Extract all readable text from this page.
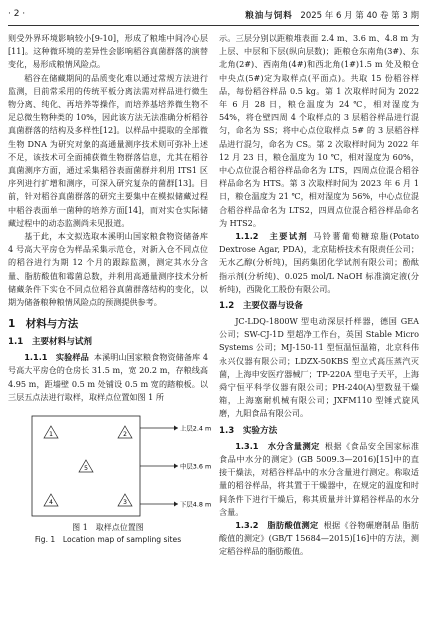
· 2 ·	粮油与饲料 2025 年 6 月 第 40 卷 第 3 期

则受外界环境影响较小[9-10]，形成了粮堆中间冷心层[11]。这种微环境的差异性会影响稻谷真菌群落的演替变化，易形成粮情风险点。

稻谷在储藏期间的品质变化难以通过常规方法进行监测，目前常采用的传统平板分离法需对样品进行微生物分离、纯化、再培养等操作，而培养基培养微生物不足总微生物种类的 10%，因此该方法无法准确分析稻谷真菌群落的结构及多样性[12]。以样品中提取的全部微生物 DNA 为研究对象的高通量测序技术则可弥补上述不足，该技术可全面捕获微生物群落信息，尤其在稻谷真菌测序方面，通过采集稻谷表面菌群并利用 ITS1 区序列进行扩增和测序，可深入研究复杂的菌群[13]。目前，针对稻谷真菌群落的研究主要集中在模拟储藏过程中稻谷表面单一菌种的培养方面[14]，而对实仓实际储藏过程中的动态监测尚未见报道。

基于此，本文拟选取本溪明山国家粮食物资储备库 4 号高大平房仓为样品采集示范仓，对新入仓不同点位的稻谷进行为期 12 个月的跟踪监测，测定其水分含量、脂肪酸值和霉菌总数，并利用高通量测序技术分析储藏条件下实仓不同点位稻谷真菌群落结构的变化，以期为储备粮种粮情风险点的预测提供参考。

1　材料与方法
1.1　主要材料与试剂

1.1.1　实验样品 本溪明山国家粮食物资储备库 4 号高大平房仓的仓房长 31.5 m，宽 20.2 m，存粮线高 4.95 m，距墙壁 0.5 m 处铺设 0.5 m 宽的踏粮板。以三层五点法进行取样，取样点位置如图 1 所

1	2
5
4	3
上层2.4 m
中层3.6 m
下层4.8 m
图 1　取样点位置图
Fig. 1　Location map of sampling sites

示。三层分别以距粮堆表面 2.4 m、3.6 m、4.8 m 为上层、中层和下层(纵向层数)；距粮仓东南角(3#)、东北角(2#)、西南角(4#)和西北角(1#)1.5 m 处及粮仓中央点(5#)定为取样点(平面点)。共取 15 份稻谷样品，每份稻谷样品 0.5 kg。第 1 次取样时间为 2022 年 6 月 28 日，粮仓温度为 24 ℃，相对湿度为 54%，将仓壁四周 4 个取样点的 3 层稻谷样品进行混匀，命名为 SS；将中心点位取样点 5# 的 3 层稻谷样品进行混匀，命名为 CS。第 2 次取样时间为 2022 年 12 月 23 日，粮仓温度为 10 ℃，相对湿度为 60%，中心点位混合稻谷样品命名为 LTS，四周点位混合稻谷样品命名为 HTS。第 3 次取样时间为 2023 年 6 月 1 日，粮仓温度为 21 ℃，相对湿度为 56%，中心点位混合稻谷样品命名为 LTS2，四周点位混合稻谷样品命名为 HTS2。

1.1.2　主要试剂 马铃薯葡萄糖琼脂(Potato Dextrose Agar, PDA)，北京陆桥技术有限责任公司；无水乙醇(分析纯)，国药集团化学试剂有限公司；酚酞指示剂(分析纯)、0.025 mol/L NaOH 标准滴定液(分析纯)，西陇化工股份有限公司。

1.2　主要仪器与设备

JC-LDQ-1800W 型电动深层扦样器，德国 GEA 公司；SW-CJ-1D 型超净工作台，英国 Stable Micro Systems 公司；MJ-150-11 型恒温恒温箱，北京科伟永兴仪器有限公司；LDZX-50KBS 型立式高压蒸汽灭菌，上海申安医疗器械厂；TP-220A 型电子天平，上海舜宁恒平科学仪器有限公司；PH-240(A)型数显干燥箱，上海塞耐机械有限公司；JXFM110 型锤式旋风磨，九阳食品有限公司。

1.3　实验方法

1.3.1　水分含量测定 根据《食品安全国家标准 食品中水分的测定》(GB 5009.3—2016)[15]中的直接干燥法，对稻谷样品中的水分含量进行测定。称取适量的稻谷样品，将其置于干燥器中，在规定的温度和时间条件下进行干燥后，称其质量并计算稻谷样品的水分含量。

1.3.2　脂肪酸值测定 根据《谷物碾磨制品 脂肪酸值的测定》(GB/T 15684—2015)[16]中的方法，测定稻谷样品的脂肪酸值。
